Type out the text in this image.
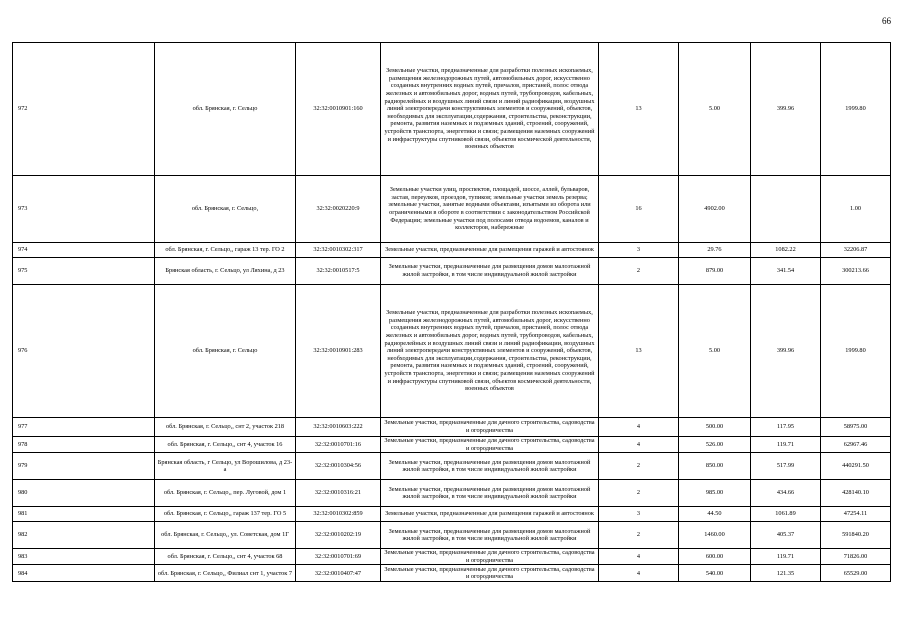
66
972	обл. Брянская, г. Сельцо	32:32:0010901:160	Земельные участки, предназначенные для разработки полезных ископаемых, размещения железнодорожных путей, автомобильных дорог, искусственно созданных внутренних водных путей, причалов, пристаней, полос отвода железных и автомобильных дорог, водных путей, трубопроводов, кабельных, радиорелейных и воздушных линий связи и линий радиофикации, воздушных линий электропередачи конструктивных элементов и сооружений, объектов, необходимых для эксплуатации,содержания, строительства, реконструкции, ремонта, развития наземных и подземных зданий, строений, сооружений, устройств транспорта, энергетики и связи; размещения наземных сооружений и инфраструктуры спутниковой связи, объектов космической деятельности, военных объектов	13	5.00	399.96	1999.80
973	обл. Брянская, г. Сельцо,	32:32:0020220:9	Земельные участки улиц, проспектов, площадей, шоссе, аллей, бульваров, застав, переулков, проездов, тупиков; земельные участки земель резерва; земельные участки, занятые водными объектами, изъятыми из оборота или ограниченными в обороте в соответствии с законодательством Российской Федерации; земельные участки под полосами отвода водоемов, каналов и коллекторов, набережные	16	4902.00		1.00
974	обл. Брянская, г. Сельцо,, гараж 13 тер. ГО 2	32:32:0010302:317	Земельные участки, предназначенные для размещения гаражей и автостоянок	3	29.76	1082.22	32206.87
975	Брянская область, г. Сельцо, ул Ляхина, д 23	32:32:0010517:5	Земельные участки, предназначенные для размещения домов малоэтажной жилой застройки, в том числе индивидуальной жилой застройки	2	879.00	341.54	300213.66
976	обл. Брянская, г. Сельцо	32:32:0010901:283	Земельные участки, предназначенные для разработки полезных ископаемых, размещения железнодорожных путей, автомобильных дорог, искусственно созданных внутренних водных путей, причалов, пристаней, полос отвода железных и автомобильных дорог, водных путей, трубопроводов, кабельных, радиорелейных и воздушных линий связи и линий радиофикации, воздушных линий электропередачи конструктивных элементов и сооружений, объектов, необходимых для эксплуатации,содержания, строительства, реконструкции, ремонта, развития наземных и подземных зданий, строений, сооружений, устройств транспорта, энергетики и связи; размещения наземных сооружений и инфраструктуры спутниковой связи, объектов космической деятельности, военных объектов	13	5.00	399.96	1999.80
977	обл. Брянская, г. Сельцо,, снт 2, участок 218	32:32:0010603:222	Земельные участки, предназначенные для дачного строительства, садоводства и огородничества	4	500.00	117.95	58975.00
978	обл. Брянская, г. Сельцо,, снт 4, участок 16	32:32:0010701:16	Земельные участки, предназначенные для дачного строительства, садоводства и огородничества	4	526.00	119.71	62967.46
979	Брянская область, г Сельцо, ул Ворошилова, д 23-а	32:32:0010304:56	Земельные участки, предназначенные для размещения домов малоэтажной жилой застройки, в том числе индивидуальной жилой застройки	2	850.00	517.99	440291.50
980	обл. Брянская, г. Сельцо,, пер. Луговой, дом 1	32:32:0010316:21	Земельные участки, предназначенные для размещения домов малоэтажной жилой застройки, в том числе индивидуальной жилой застройки	2	985.00	434.66	428140.10
981	обл. Брянская, г. Сельцо,, гараж 137 тер. ГО 5	32:32:0010302:859	Земельные участки, предназначенные для размещения гаражей и автостоянок	3	44.50	1061.89	47254.11
982	обл. Брянская, г. Сельцо,, ул. Советская, дом 1Г	32:32:0010202:19	Земельные участки, предназначенные для размещения домов малоэтажной жилой застройки, в том числе индивидуальной жилой застройки	2	1460.00	405.37	591840.20
983	обл. Брянская, г. Сельцо,, снт 4, участок 68	32:32:0010701:69	Земельные участки, предназначенные для дачного строительства, садоводства и огородничества	4	600.00	119.71	71826.00
984	обл. Брянская, г. Сельцо,, Филиал снт 1, участок 7	32:32:0010407:47	Земельные участки, предназначенные для дачного строительства, садоводства и огородничества	4	540.00	121.35	65529.00
